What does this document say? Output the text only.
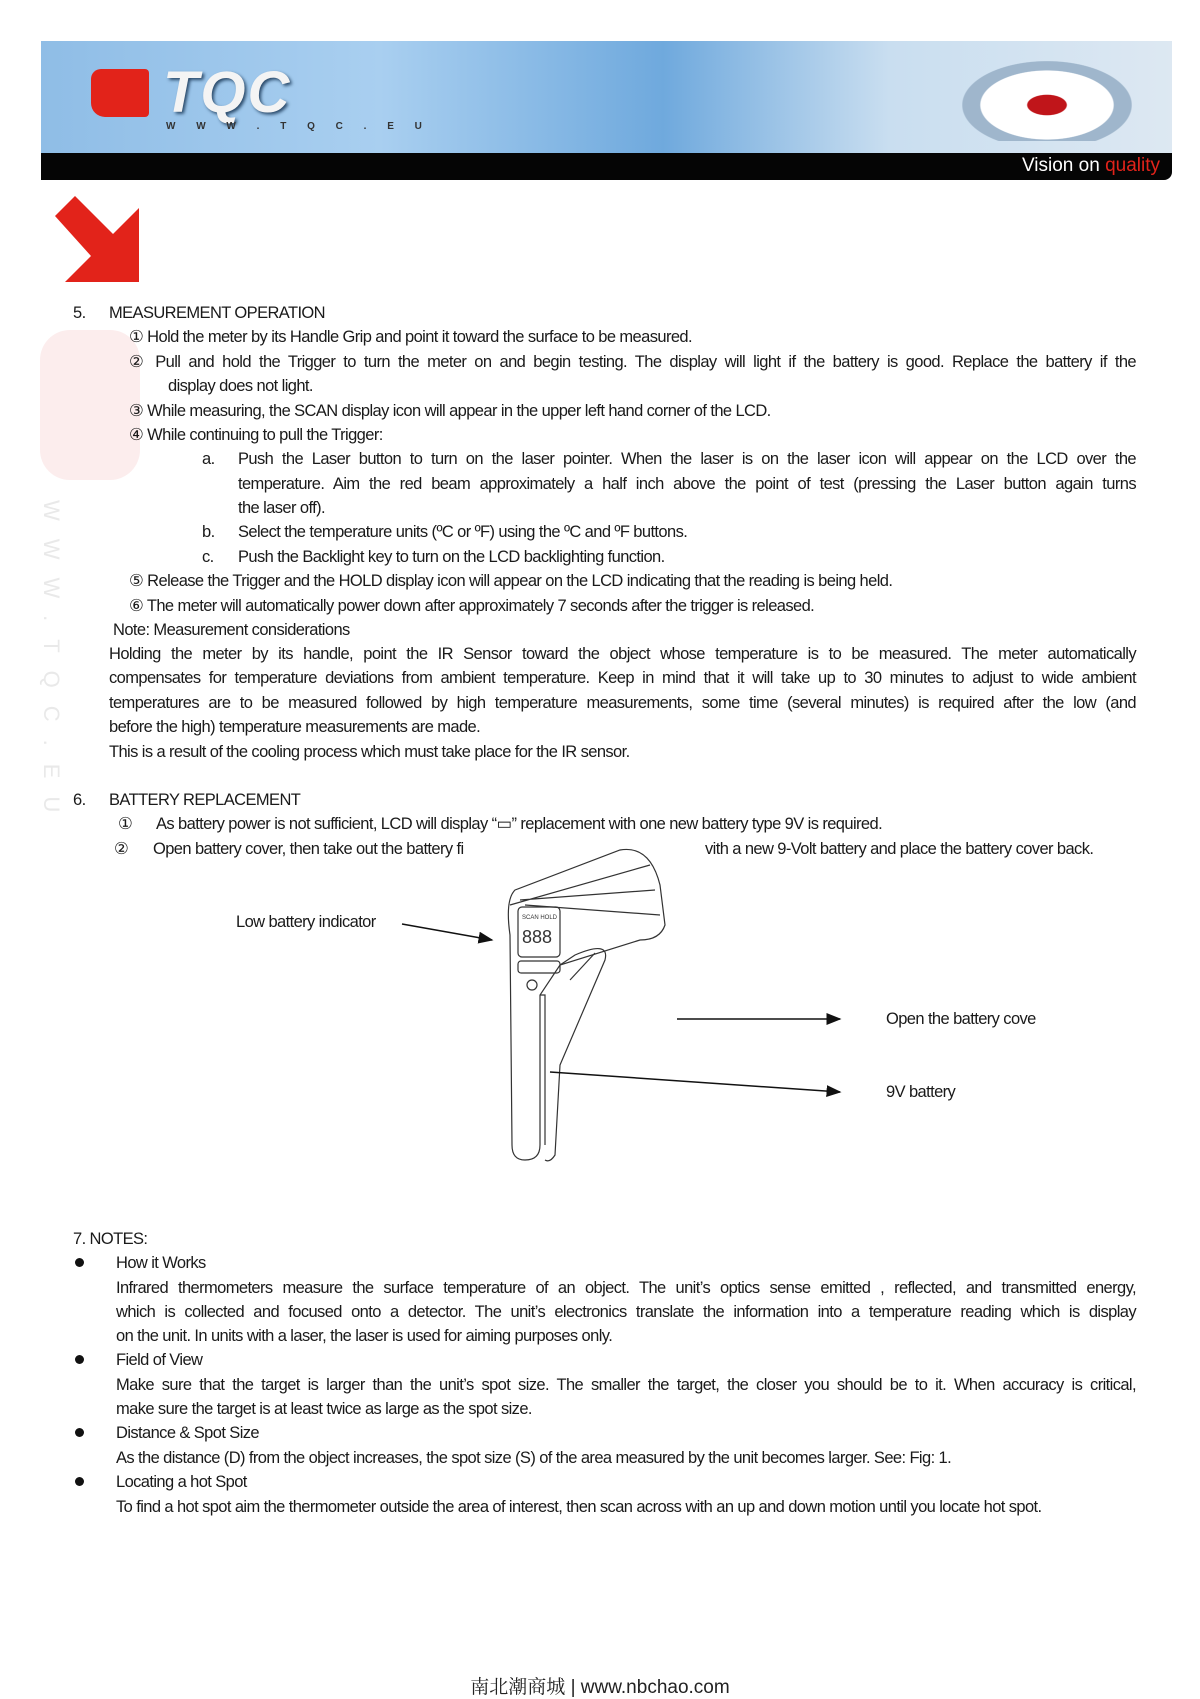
TQC
W W W . T Q C . E U
Vision on quality
WWW.TQC.EU
5. MEASUREMENT OPERATION
① Hold the meter by its Handle Grip and point it toward the surface to be measured.
② Pull and hold the Trigger to turn the meter on and begin testing. The display will light if the battery is good. Replace the battery if the
display does not light.
③ While measuring, the SCAN display icon will appear in the upper left hand corner of the LCD.
④ While continuing to pull the Trigger:
a. Push the Laser button to turn on the laser pointer. When the laser is on the laser icon will appear on the LCD over the
temperature. Aim the red beam approximately a half inch above the point of test (pressing the Laser button again turns
the laser off).
b. Select the temperature units (ºC or ºF) using the ºC and ºF buttons.
c. Push the Backlight key to turn on the LCD backlighting function.
⑤ Release the Trigger and the HOLD display icon will appear on the LCD indicating that the reading is being held.
⑥ The meter will automatically power down after approximately 7 seconds after the trigger is released.
Note: Measurement considerations
Holding the meter by its handle, point the IR Sensor toward the object whose temperature is to be measured. The meter automatically
compensates for temperature deviations from ambient temperature. Keep in mind that it will take up to 30 minutes to adjust to wide ambient
temperatures are to be measured followed by high temperature measurements, some time (several minutes) is required after the low (and
before the high) temperature measurements are made.
This is a result of the cooling process which must take place for the IR sensor.
6. BATTERY REPLACEMENT
① As battery power is not sufficient, LCD will display “▭” replacement with one new battery type 9V is required.
② Open battery cover, then take out the battery fi	vith a new 9-Volt battery and place the battery cover back.
SCAN HOLD
888
Low battery indicator
Open the battery cove
9V battery
7. NOTES:
How it Works
Infrared thermometers measure the surface temperature of an object. The unit’s optics sense emitted , reflected, and transmitted energy,
which is collected and focused onto a detector. The unit’s electronics translate the information into a temperature reading which is display
on the unit. In units with a laser, the laser is used for aiming purposes only.
Field of View
Make sure that the target is larger than the unit’s spot size. The smaller the target, the closer you should be to it. When accuracy is critical,
make sure the target is at least twice as large as the spot size.
Distance & Spot Size
As the distance (D) from the object increases, the spot size (S) of the area measured by the unit becomes larger. See: Fig: 1.
Locating a hot Spot
To find a hot spot aim the thermometer outside the area of interest, then scan across with an up and down motion until you locate hot spot.
南北潮商城 | www.nbchao.com
